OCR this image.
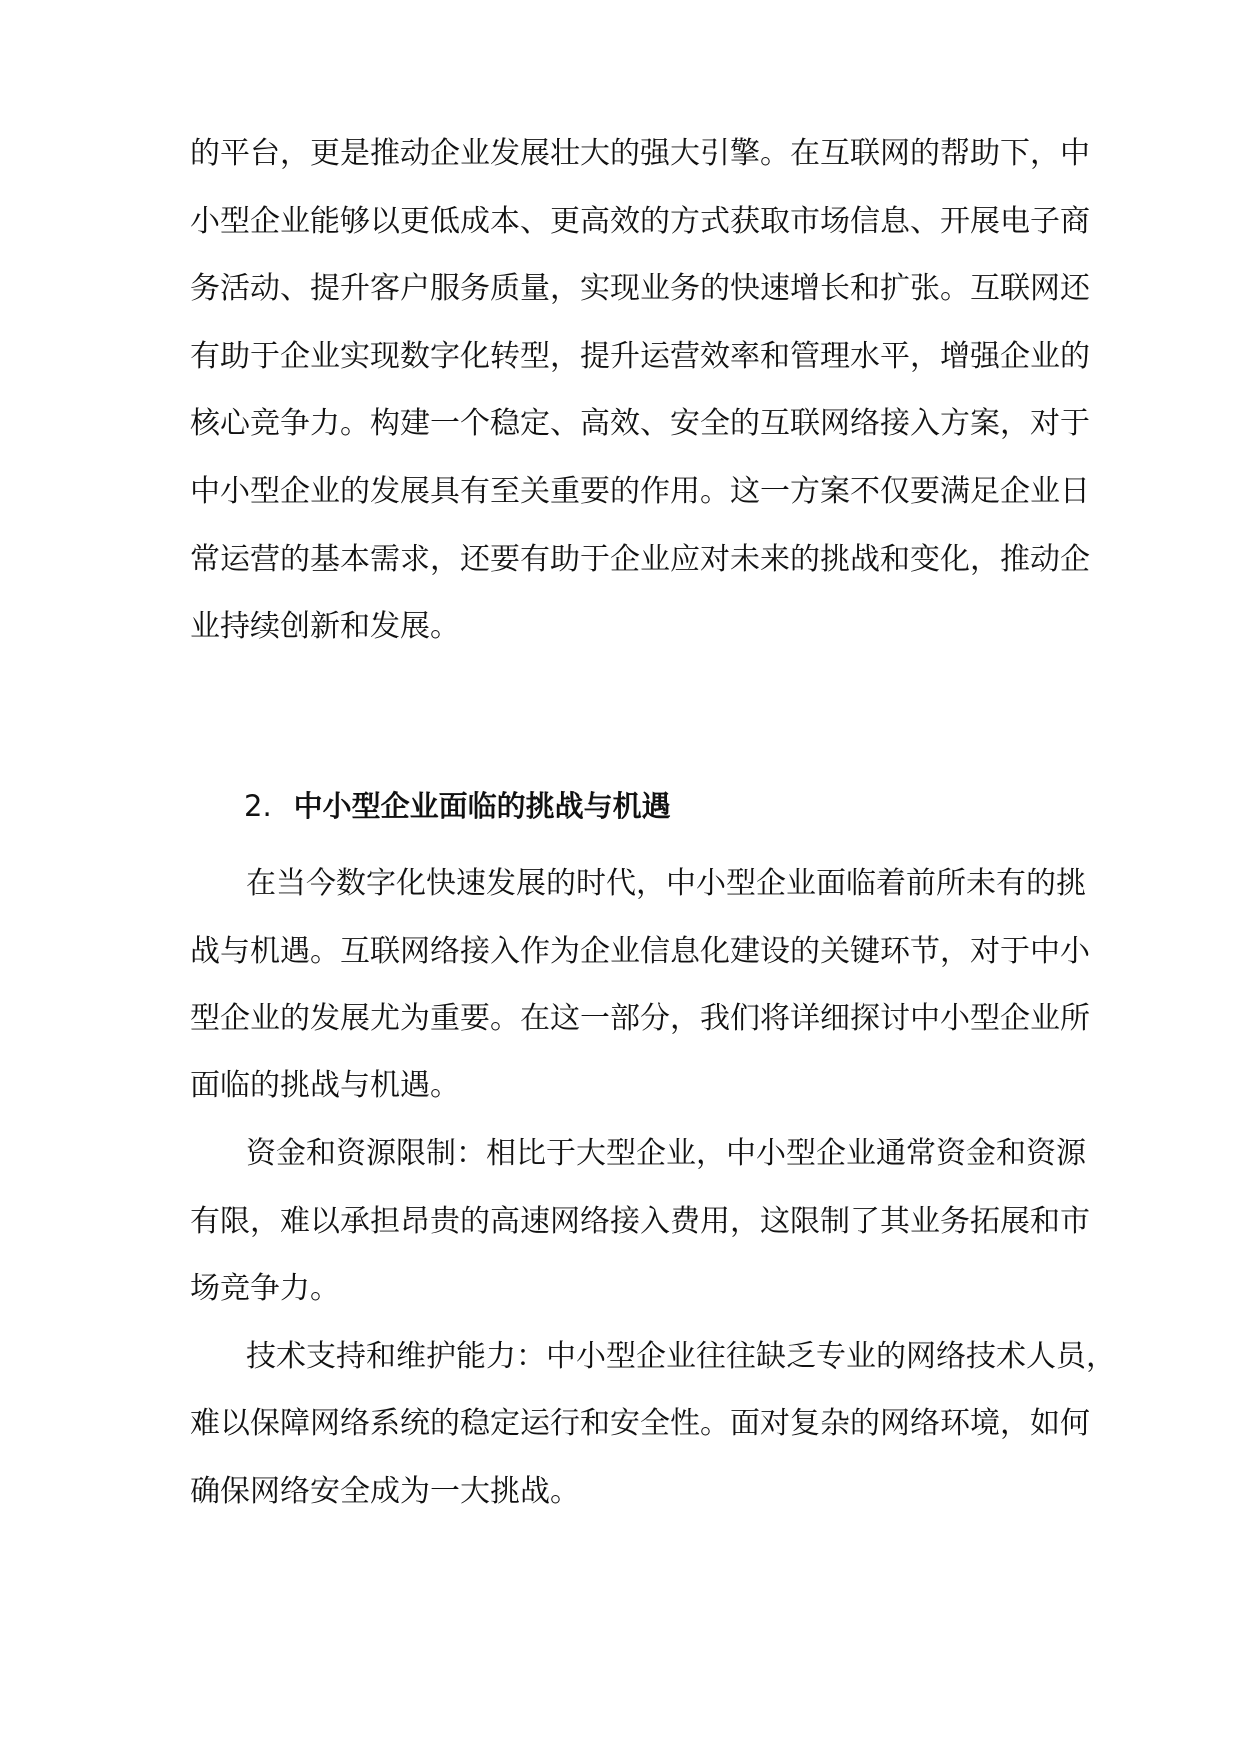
的平台，更是推动企业发展壮大的强大引擎。在互联网的帮助下，中
小型企业能够以更低成本、更高效的方式获取市场信息、开展电子商
务活动、提升客户服务质量，实现业务的快速增长和扩张。互联网还
有助于企业实现数字化转型，提升运营效率和管理水平，增强企业的
核心竞争力。构建一个稳定、高效、安全的互联网络接入方案，对于
中小型企业的发展具有至关重要的作用。这一方案不仅要满足企业日
常运营的基本需求，还要有助于企业应对未来的挑战和变化，推动企
业持续创新和发展。
2. 中小型企业面临的挑战与机遇
在当今数字化快速发展的时代，中小型企业面临着前所未有的挑
战与机遇。互联网络接入作为企业信息化建设的关键环节，对于中小
型企业的发展尤为重要。在这一部分，我们将详细探讨中小型企业所
面临的挑战与机遇。
资金和资源限制：相比于大型企业，中小型企业通常资金和资源
有限，难以承担昂贵的高速网络接入费用，这限制了其业务拓展和市
场竞争力。
技术支持和维护能力：中小型企业往往缺乏专业的网络技术人员，
难以保障网络系统的稳定运行和安全性。面对复杂的网络环境，如何
确保网络安全成为一大挑战。
